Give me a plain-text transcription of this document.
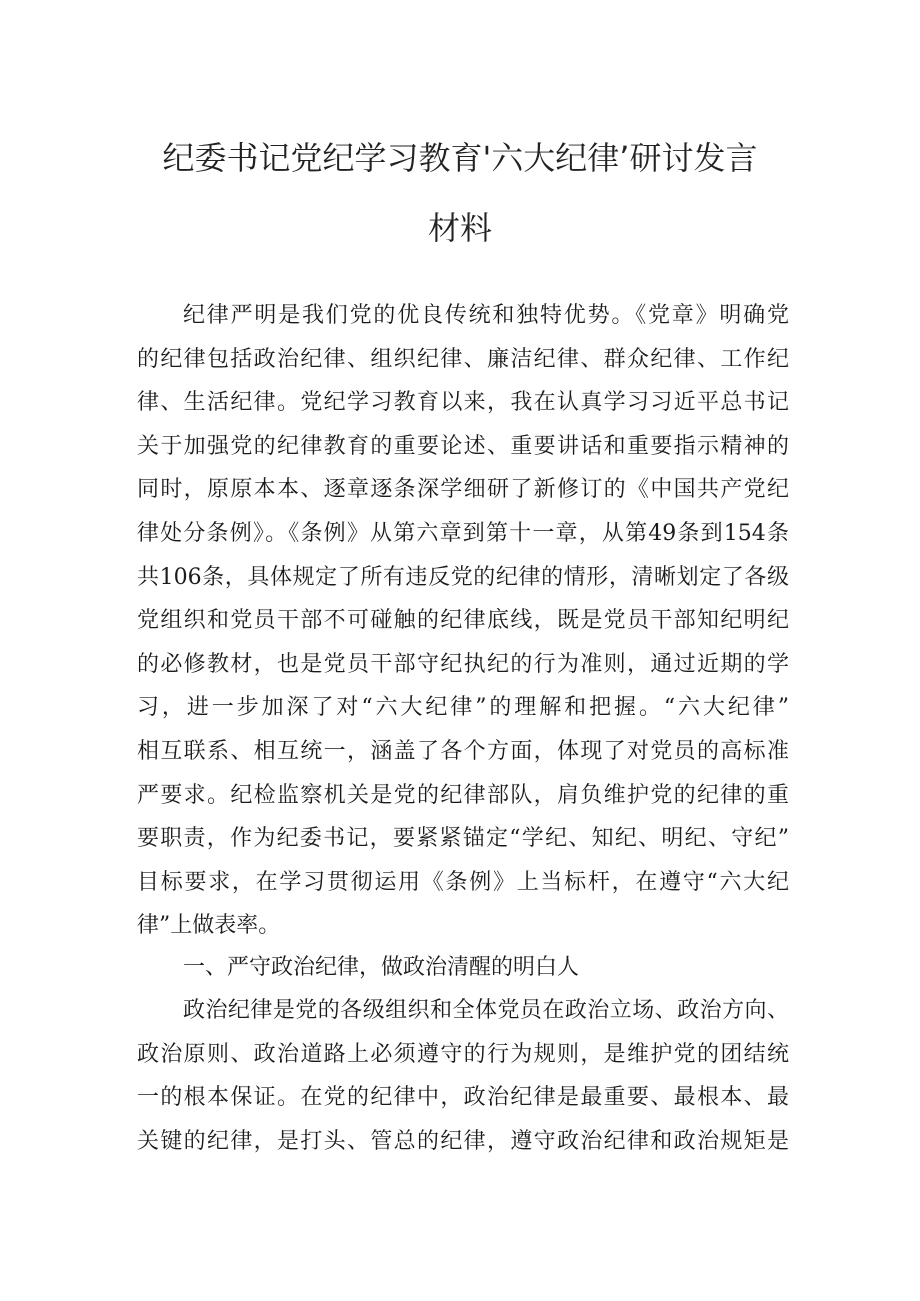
纪委书记党纪学习教育'六大纪律’研讨发言
材料
纪律严明是我们党的优良传统和独特优势。《党章》明确党
的纪律包括政治纪律、组织纪律、廉洁纪律、群众纪律、工作纪
律、生活纪律。党纪学习教育以来，我在认真学习习近平总书记
关于加强党的纪律教育的重要论述、重要讲话和重要指示精神的
同时，原原本本、逐章逐条深学细研了新修订的《中国共产党纪
律处分条例》。《条例》从第六章到第十一章，从第49条到154条
共106条，具体规定了所有违反党的纪律的情形，清晰划定了各级
党组织和党员干部不可碰触的纪律底线，既是党员干部知纪明纪
的必修教材，也是党员干部守纪执纪的行为准则，通过近期的学
习，进一步加深了对“六大纪律”的理解和把握。“六大纪律”
相互联系、相互统一，涵盖了各个方面，体现了对党员的高标准
严要求。纪检监察机关是党的纪律部队，肩负维护党的纪律的重
要职责，作为纪委书记，要紧紧锚定“学纪、知纪、明纪、守纪”
目标要求，在学习贯彻运用《条例》上当标杆，在遵守“六大纪
律”上做表率。
一、严守政治纪律，做政治清醒的明白人
政治纪律是党的各级组织和全体党员在政治立场、政治方向、
政治原则、政治道路上必须遵守的行为规则，是维护党的团结统
一的根本保证。在党的纪律中，政治纪律是最重要、最根本、最
关键的纪律，是打头、管总的纪律，遵守政治纪律和政治规矩是
